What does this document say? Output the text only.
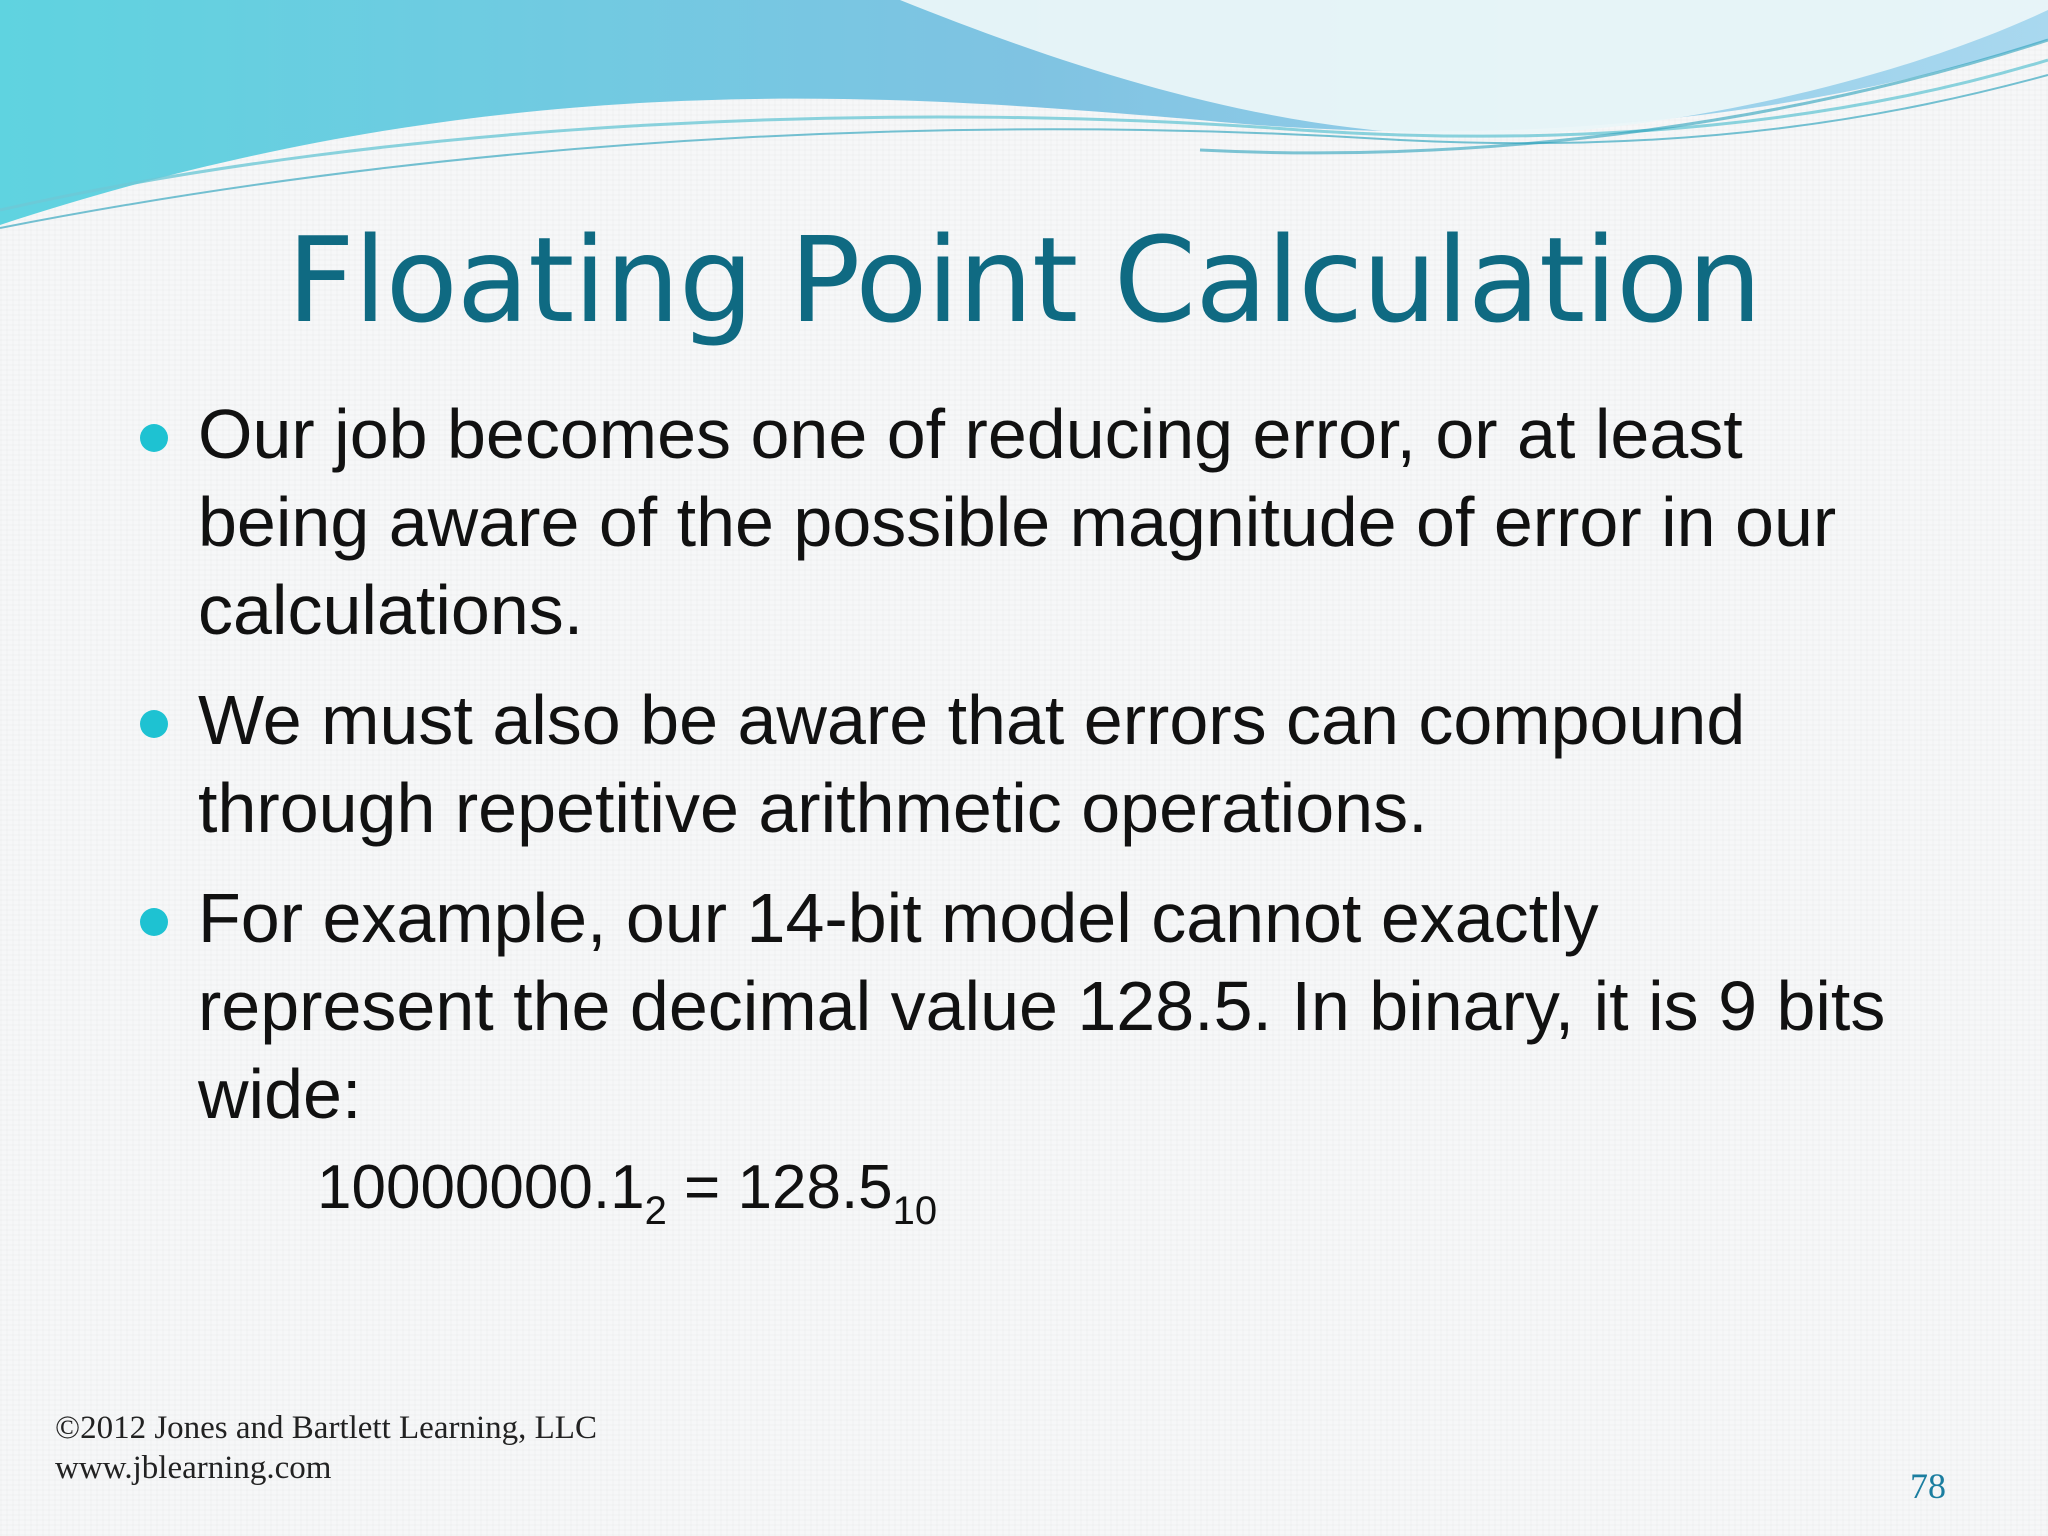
Floating Point Calculation
Our job becomes one of reducing error, or at least being aware of the possible magnitude of error in our calculations.
We must also be aware that errors can compound through repetitive arithmetic operations.
For example, our 14-bit model cannot exactly represent the decimal value 128.5. In binary, it is 9 bits wide:
$10000000.1_2 = 128.5_{10}$
©2012 Jones and Bartlett Learning, LLC
www.jblearning.com	78
